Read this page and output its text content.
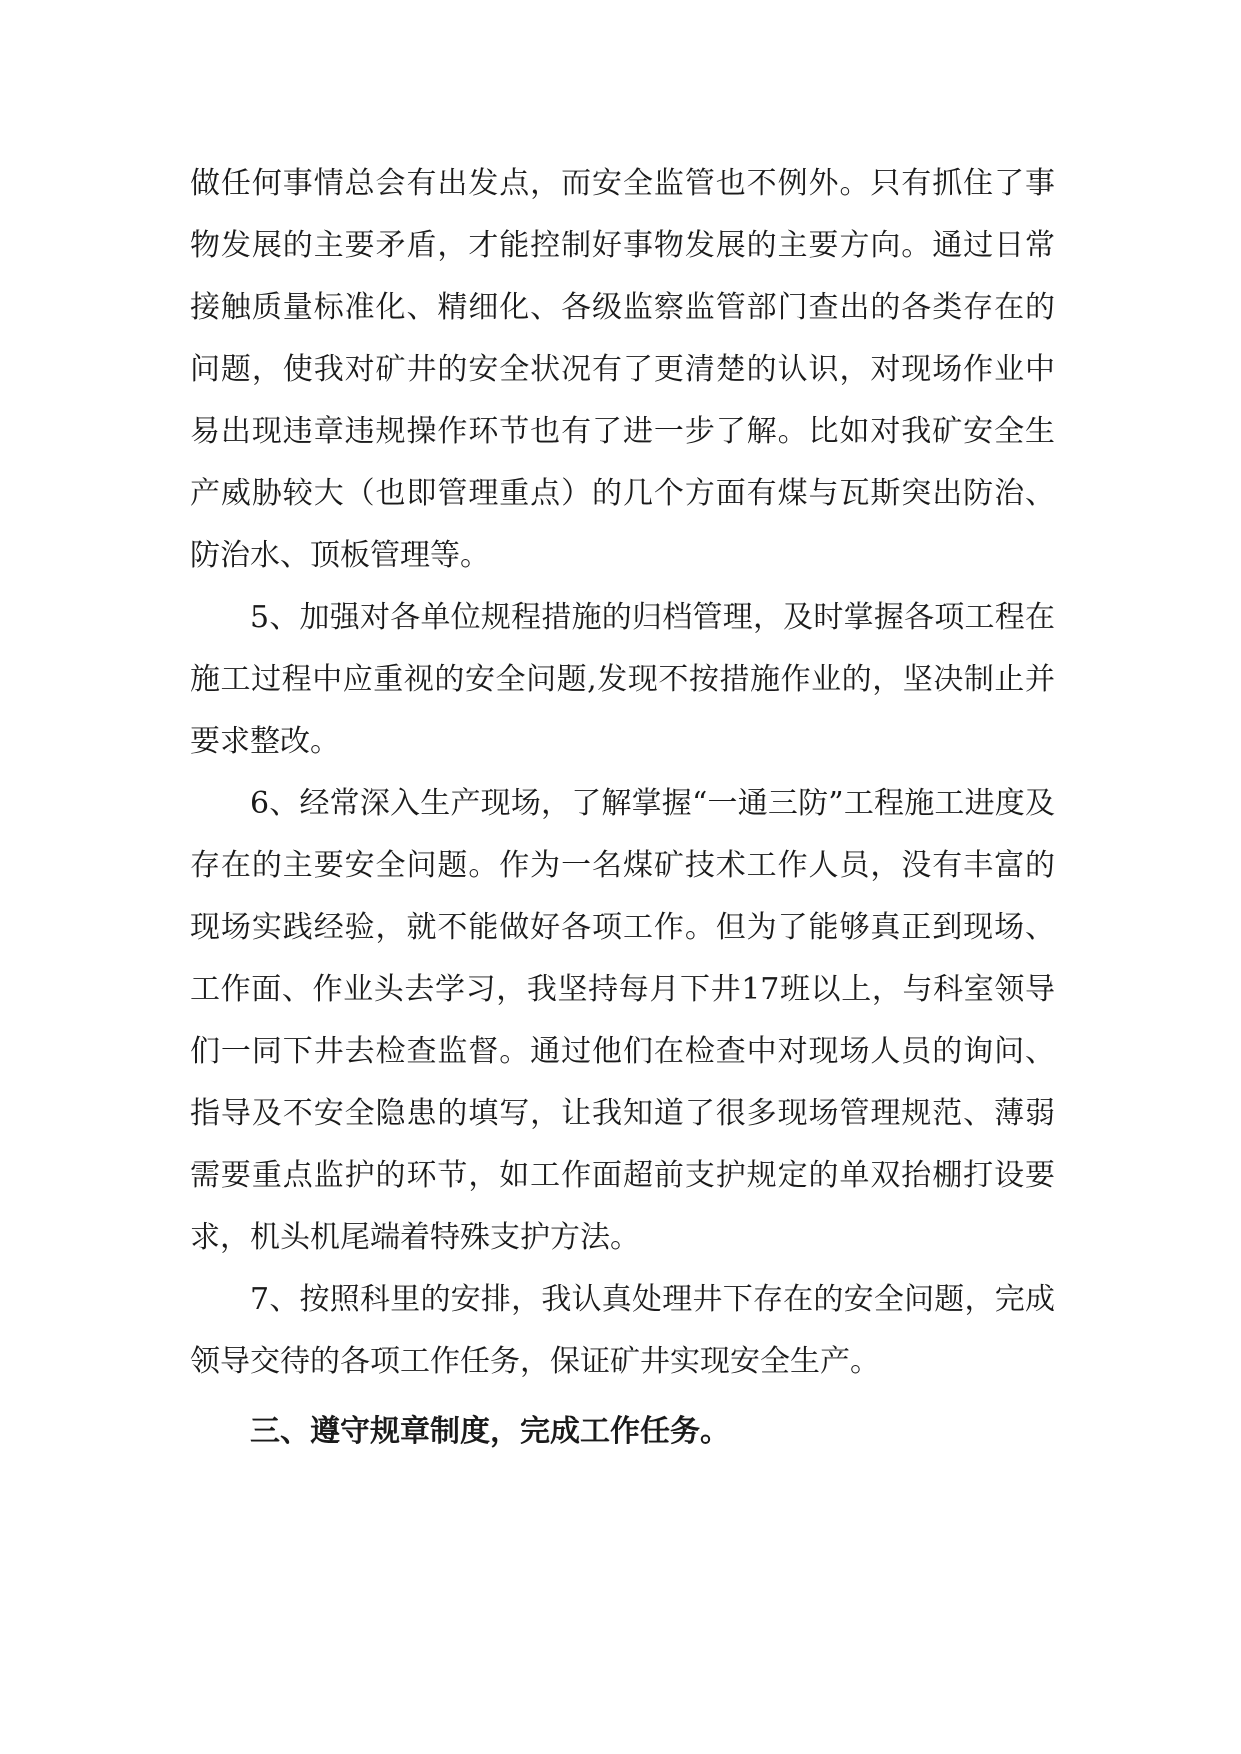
做任何事情总会有出发点，而安全监管也不例外。只有抓住了事物发展的主要矛盾，才能控制好事物发展的主要方向。通过日常接触质量标准化、精细化、各级监察监管部门查出的各类存在的问题，使我对矿井的安全状况有了更清楚的认识，对现场作业中易出现违章违规操作环节也有了进一步了解。比如对我矿安全生产威胁较大（也即管理重点）的几个方面有煤与瓦斯突出防治、防治水、顶板管理等。

5、加强对各单位规程措施的归档管理，及时掌握各项工程在施工过程中应重视的安全问题,发现不按措施作业的，坚决制止并要求整改。

6、经常深入生产现场，了解掌握“一通三防”工程施工进度及存在的主要安全问题。作为一名煤矿技术工作人员，没有丰富的现场实践经验，就不能做好各项工作。但为了能够真正到现场、工作面、作业头去学习，我坚持每月下井17班以上，与科室领导们一同下井去检查监督。通过他们在检查中对现场人员的询问、指导及不安全隐患的填写，让我知道了很多现场管理规范、薄弱需要重点监护的环节，如工作面超前支护规定的单双抬棚打设要求，机头机尾端着特殊支护方法。

7、按照科里的安排，我认真处理井下存在的安全问题，完成领导交待的各项工作任务，保证矿井实现安全生产。

三、遵守规章制度，完成工作任务。
